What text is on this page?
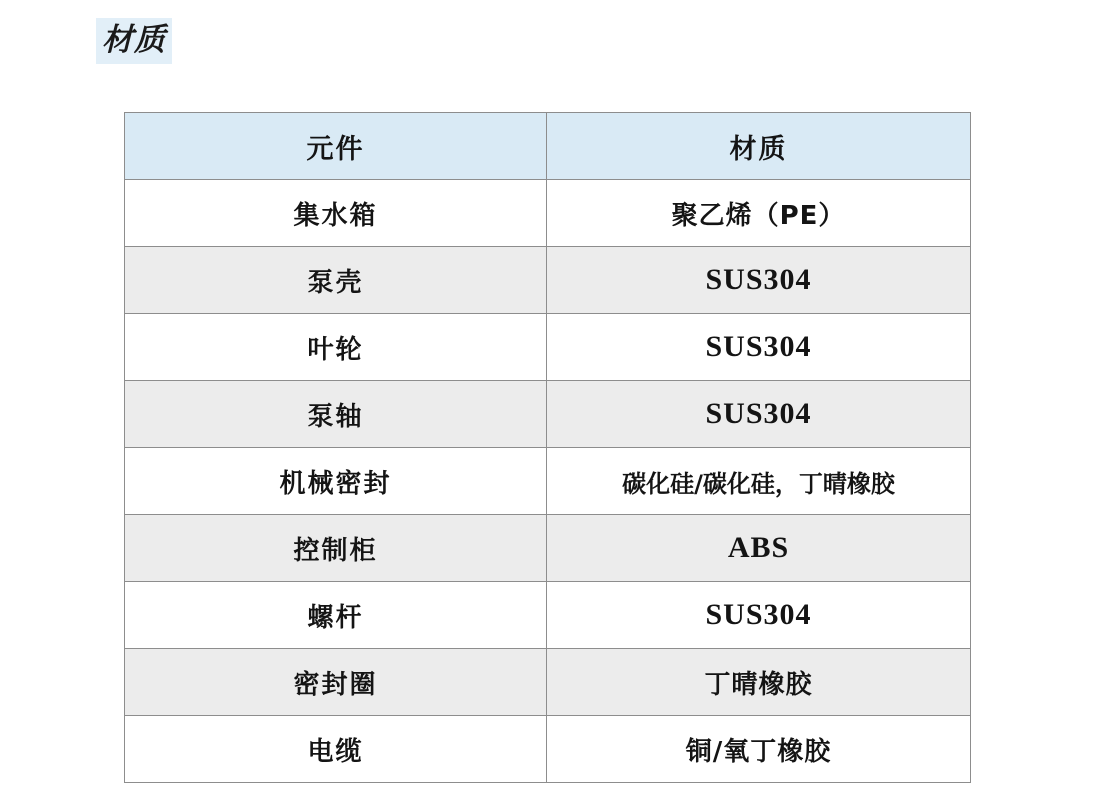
材质
元件	材质
集水箱	聚乙烯（PE）
泵壳	SUS304
叶轮	SUS304
泵轴	SUS304
机械密封	碳化硅/碳化硅，丁晴橡胶
控制柜	ABS
螺杆	SUS304
密封圈	丁晴橡胶
电缆	铜/氧丁橡胶
